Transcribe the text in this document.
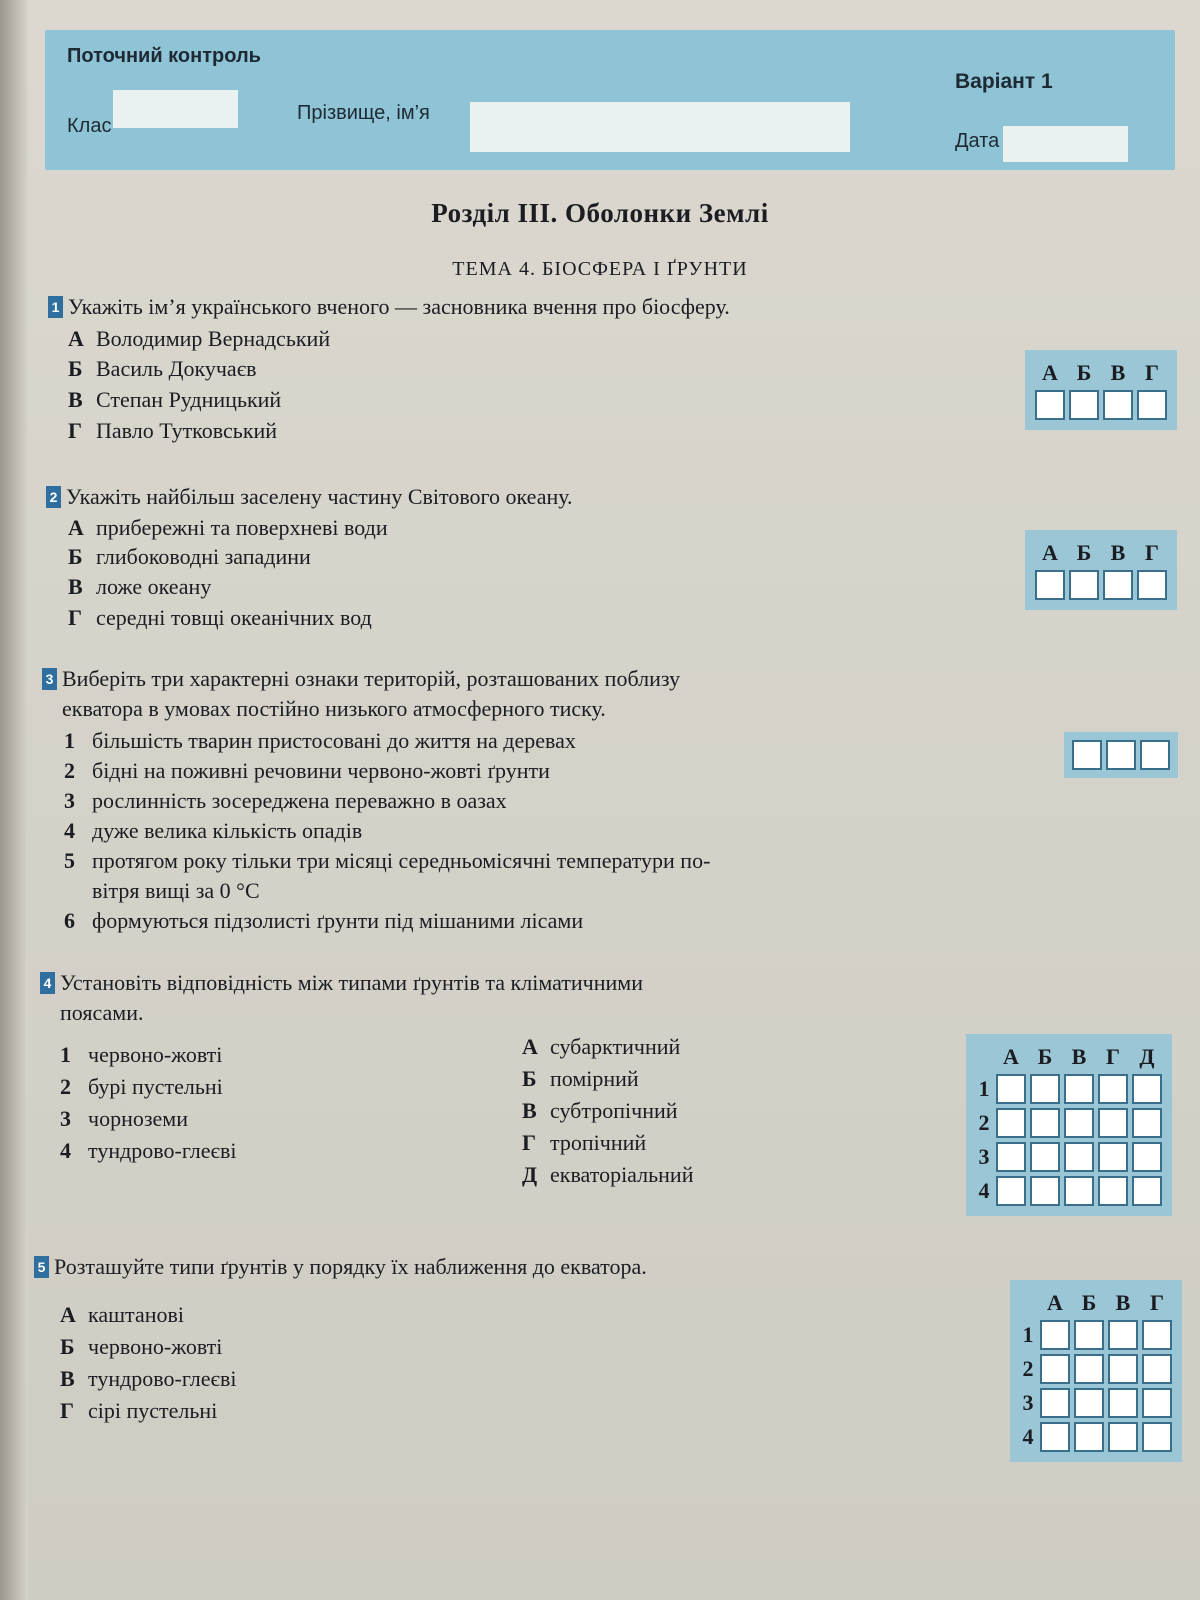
Поточний контроль
Клас
Прізвище, ім’я
Варіант 1
Дата
Розділ III. Оболонки Землі
ТЕМА 4. БІОСФЕРА І ҐРУНТИ
1 Укажіть ім’я українського вченого — засновника вчення про біосферу.
А Володимир Вернадський
Б Василь Докучаєв
В Степан Рудницький
Г Павло Тутковський
А	Б	В	Г

2 Укажіть найбільш заселену частину Світового океану.
А прибережні та поверхневі води
Б глибоководні западини
В ложе океану
Г середні товщі океанічних вод
А	Б	В	Г

3 Виберіть три характерні ознаки територій, розташованих поблизу
екватора в умовах постійно низького атмосферного тиску.
1 більшість тварин пристосовані до життя на деревах
2 бідні на поживні речовини червоно-жовті ґрунти
3 рослинність зосереджена переважно в оазах
4 дуже велика кількість опадів
5 протягом року тільки три місяці середньомісячні температури по-
вітря вищі за 0 °C
6 формуються підзолисті ґрунти під мішаними лісами

4 Установіть відповідність між типами ґрунтів та кліматичними
поясами.
1 червоно-жовті
2 бурі пустельні
3 чорноземи
4 тундрово-глеєві
А субарктичний
Б помірний
В субтропічний
Г тропічний
Д екваторіальний
	А	Б	В	Г	Д
1	

2	

3	

4	

5 Розташуйте типи ґрунтів у порядку їх наближення до екватора.
А каштанові
Б червоно-жовті
В тундрово-глеєві
Г сірі пустельні
	А	Б	В	Г
1	

2	

3	

4	
